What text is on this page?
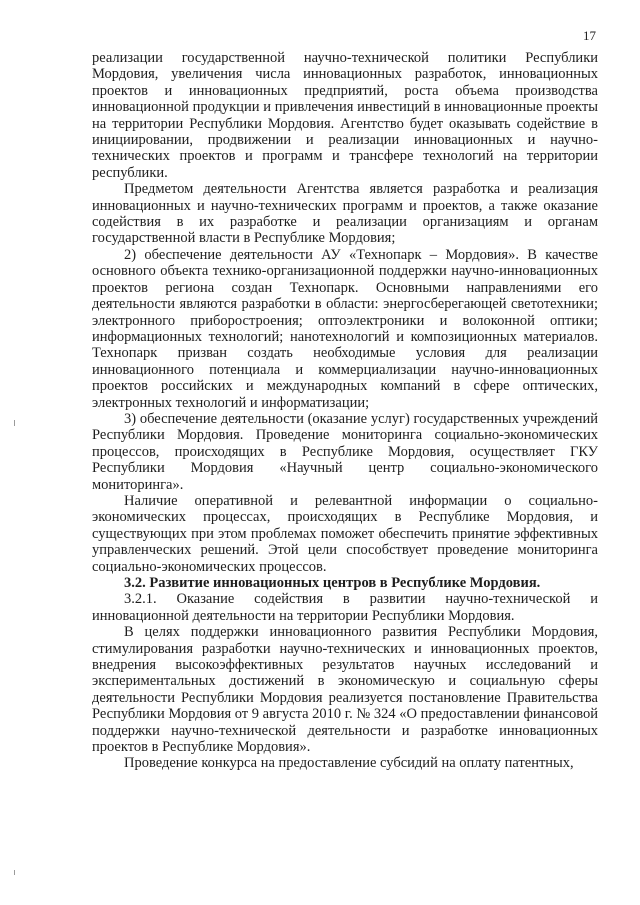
17

реализации государственной научно-технической политики Республики Мордовия, увеличения числа инновационных разработок, инновационных проектов и инновационных предприятий, роста объема производства инновационной продукции и привлечения инвестиций в инновационные проекты на территории Республики Мордовия. Агентство будет оказывать содействие в инициировании, продвижении и реализации инновационных и научно-технических проектов и программ и трансфере технологий на территории республики.

Предметом деятельности Агентства является разработка и реализация инновационных и научно-технических программ и проектов, а также оказание содействия в их разработке и реализации организациям и органам государственной власти в Республике Мордовия;

2) обеспечение деятельности АУ «Технопарк – Мордовия». В качестве основного объекта технико-организационной поддержки научно-инновационных проектов региона создан Технопарк. Основными направлениями его деятельности являются разработки в области: энергосберегающей светотехники; электронного приборостроения; оптоэлектроники и волоконной оптики; информационных технологий; нанотехнологий и композиционных материалов. Технопарк призван создать необходимые условия для реализации инновационного потенциала и коммерциализации научно-инновационных проектов российских и международных компаний в сфере оптических, электронных технологий и информатизации;

3) обеспечение деятельности (оказание услуг) государственных учреждений Республики Мордовия. Проведение мониторинга социально-экономических процессов, происходящих в Республике Мордовия, осуществляет ГКУ Республики Мордовия «Научный центр социально-экономического мониторинга».

Наличие оперативной и релевантной информации о социально-экономических процессах, происходящих в Республике Мордовия, и существующих при этом проблемах поможет обеспечить принятие эффективных управленческих решений. Этой цели способствует проведение мониторинга социально-экономических процессов.

3.2. Развитие инновационных центров в Республике Мордовия.

3.2.1. Оказание содействия в развитии научно-технической и инновационной деятельности на территории Республики Мордовия.

В целях поддержки инновационного развития Республики Мордовия, стимулирования разработки научно-технических и инновационных проектов, внедрения высокоэффективных результатов научных исследований и экспериментальных достижений в экономическую и социальную сферы деятельности Республики Мордовия реализуется постановление Правительства Республики Мордовия от 9 августа 2010 г. № 324 «О предоставлении финансовой поддержки научно-технической деятельности и разработке инновационных проектов в Республике Мордовия».

Проведение конкурса на предоставление субсидий на оплату патентных,
